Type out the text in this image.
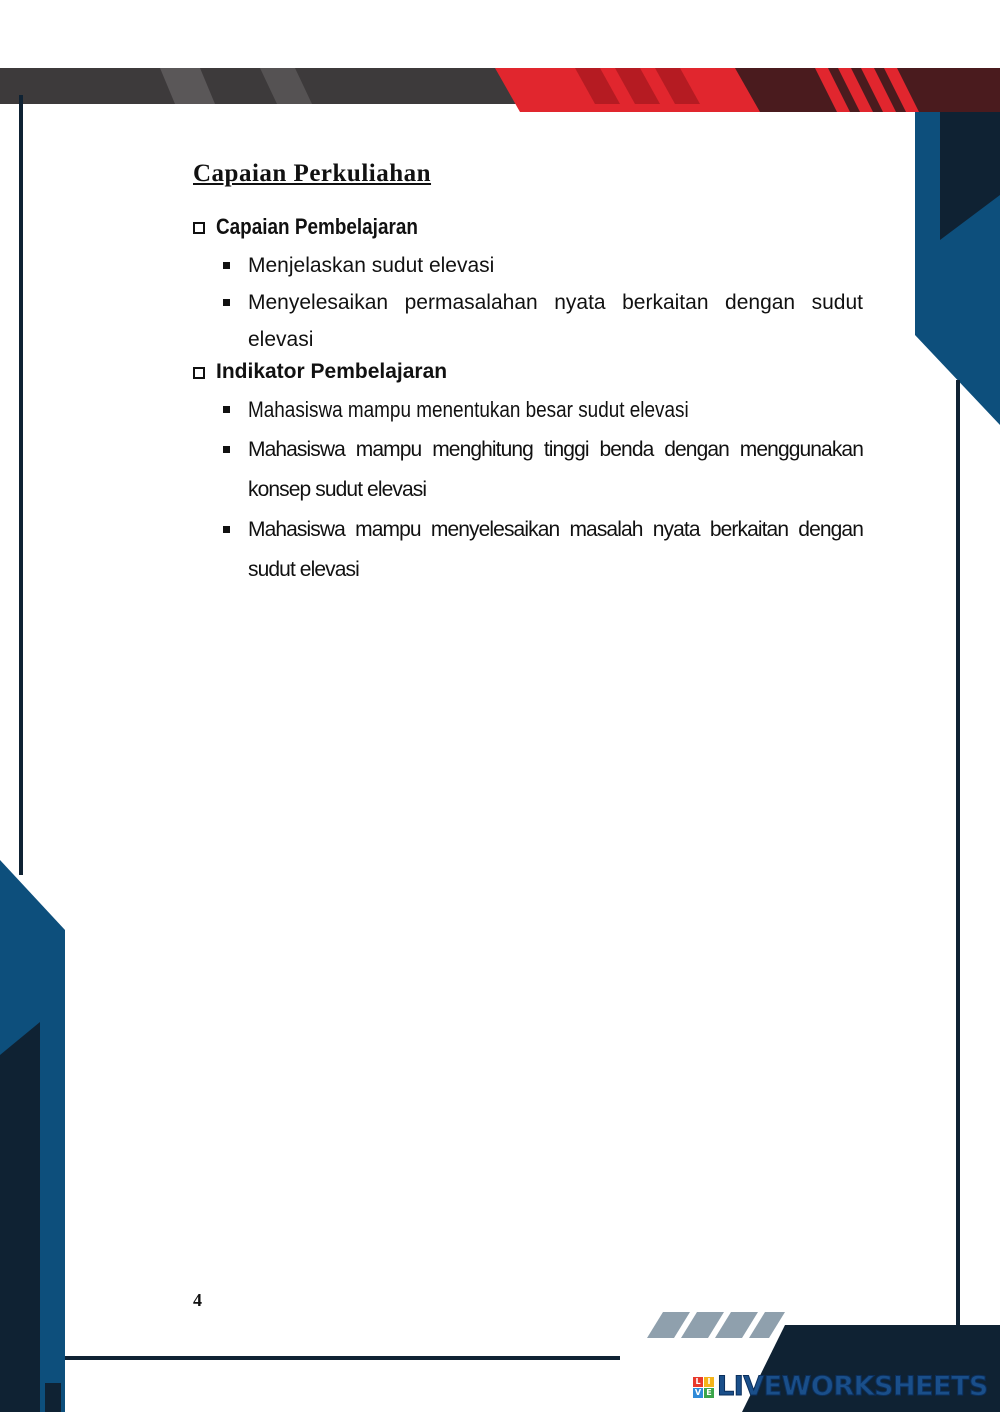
Capaian Perkuliahan
Capaian Pembelajaran
Menjelaskan sudut elevasi
Menyelesaikan permasalahan nyata berkaitan dengan sudut elevasi
Indikator Pembelajaran
Mahasiswa mampu menentukan besar sudut elevasi
Mahasiswa mampu menghitung tinggi benda dengan menggunakan konsep sudut elevasi
Mahasiswa mampu menyelesaikan masalah nyata berkaitan dengan sudut elevasi
4
L I
V E LIVEWORKSHEETS
